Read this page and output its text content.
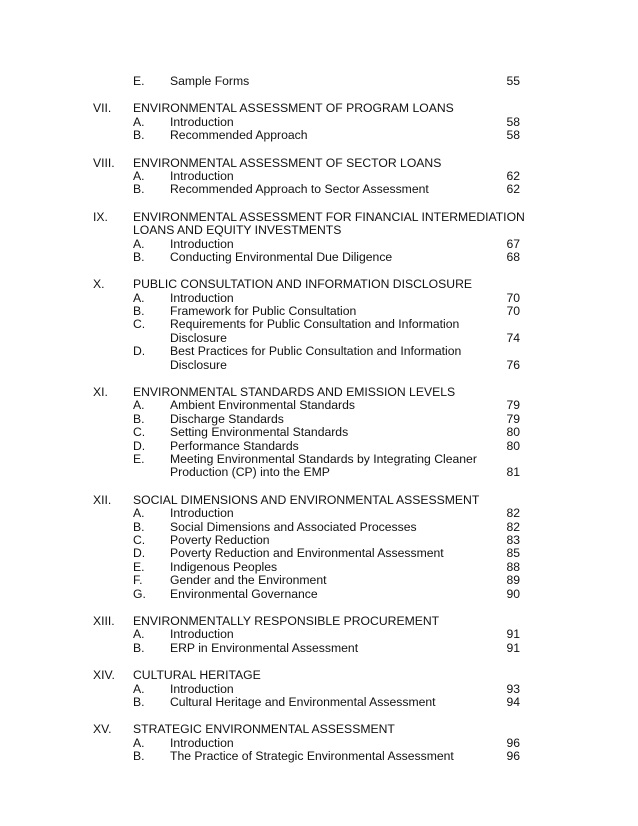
E. Sample Forms	55
VII. ENVIRONMENTAL ASSESSMENT OF PROGRAM LOANS
A. Introduction	58
B. Recommended Approach	58
VIII. ENVIRONMENTAL ASSESSMENT OF SECTOR LOANS
A. Introduction	62
B. Recommended Approach to Sector Assessment	62
IX. ENVIRONMENTAL ASSESSMENT FOR FINANCIAL INTERMEDIATION
LOANS AND EQUITY INVESTMENTS
A. Introduction	67
B. Conducting Environmental Due Diligence	68
X. PUBLIC CONSULTATION AND INFORMATION DISCLOSURE
A. Introduction	70
B. Framework for Public Consultation	70
C. Requirements for Public Consultation and Information
Disclosure	74
D. Best Practices for Public Consultation and Information
Disclosure	76
XI. ENVIRONMENTAL STANDARDS AND EMISSION LEVELS
A. Ambient Environmental Standards	79
B. Discharge Standards	79
C. Setting Environmental Standards	80
D. Performance Standards	80
E. Meeting Environmental Standards by Integrating Cleaner
Production (CP) into the EMP	81
XII. SOCIAL DIMENSIONS AND ENVIRONMENTAL ASSESSMENT
A. Introduction	82
B. Social Dimensions and Associated Processes	82
C. Poverty Reduction	83
D. Poverty Reduction and Environmental Assessment	85
E. Indigenous Peoples	88
F. Gender and the Environment	89
G. Environmental Governance	90
XIII. ENVIRONMENTALLY RESPONSIBLE PROCUREMENT
A. Introduction	91
B. ERP in Environmental Assessment	91
XIV. CULTURAL HERITAGE
A. Introduction	93
B. Cultural Heritage and Environmental Assessment	94
XV. STRATEGIC ENVIRONMENTAL ASSESSMENT
A. Introduction	96
B. The Practice of Strategic Environmental Assessment	96
